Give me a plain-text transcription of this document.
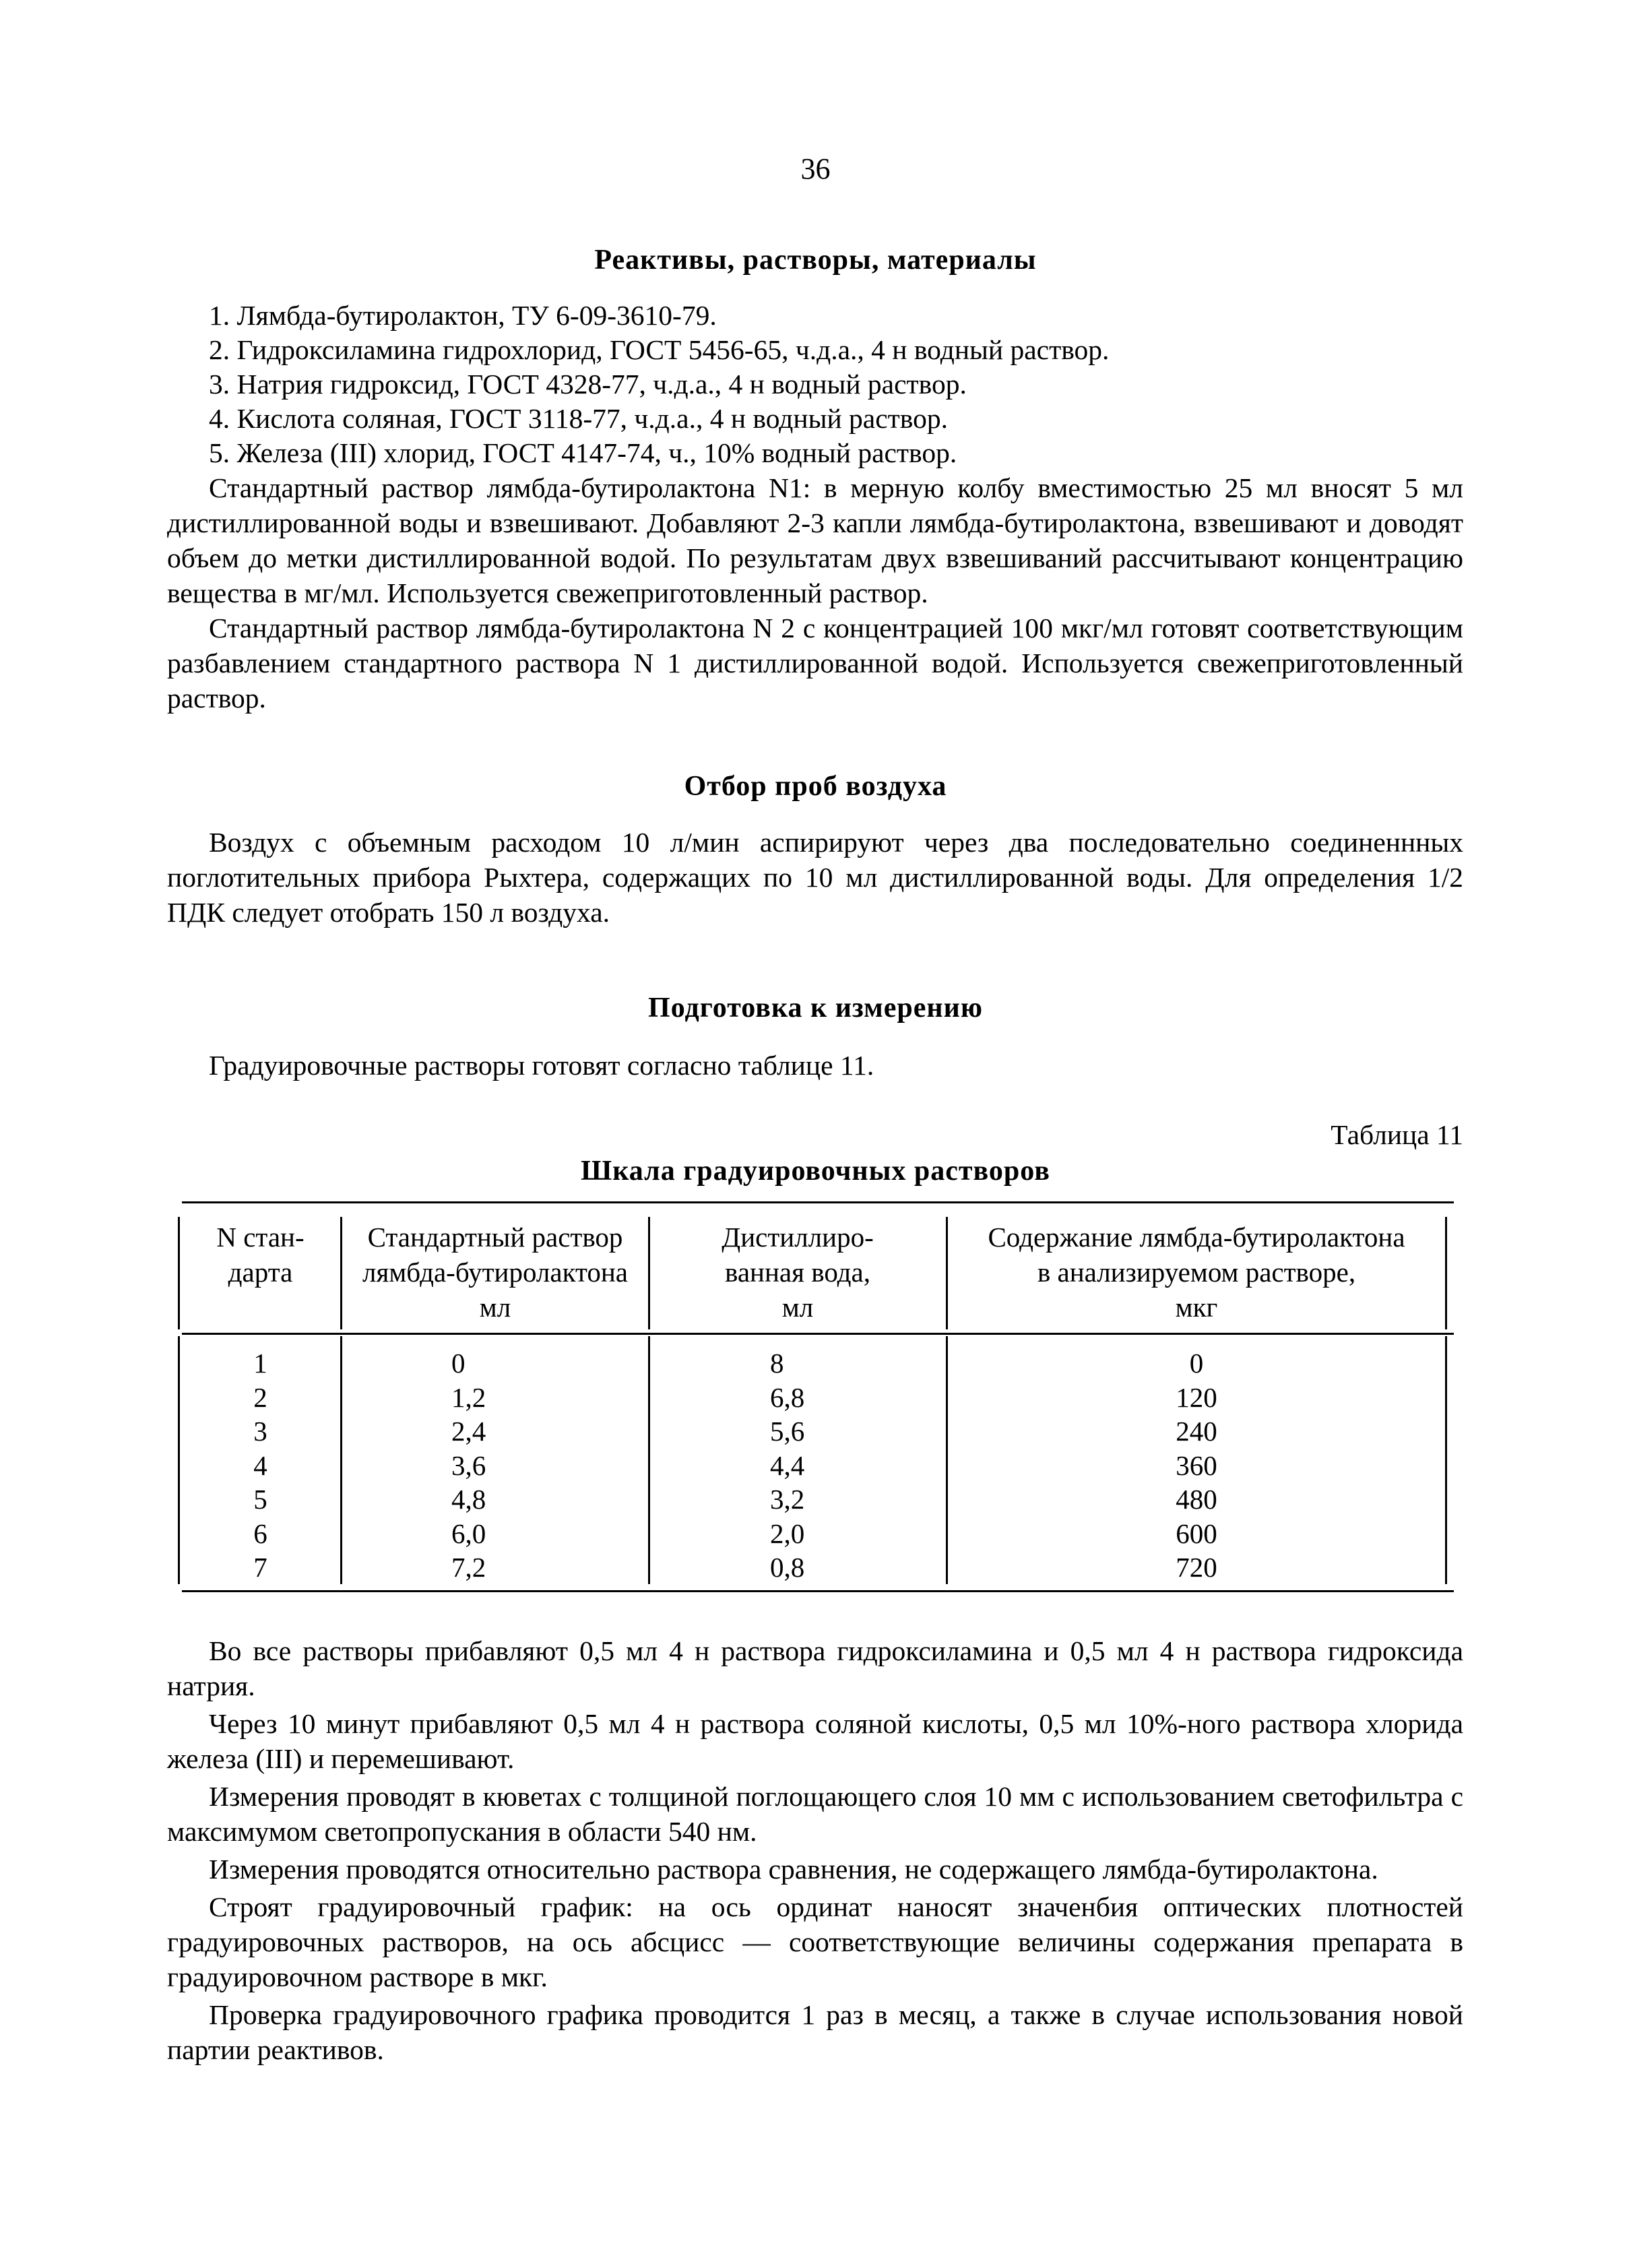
36
Реактивы, растворы, материалы
1. Лямбда-бутиролактон, ТУ 6-09-3610-79.
2. Гидроксиламина гидрохлорид, ГОСТ 5456-65, ч.д.а., 4 н водный раствор.
3. Натрия гидроксид, ГОСТ 4328-77, ч.д.а., 4 н водный раствор.
4. Кислота соляная, ГОСТ 3118-77, ч.д.а., 4 н водный раствор.
5. Железа (III) хлорид, ГОСТ 4147-74, ч., 10% водный раствор.

Стандартный раствор лямбда-бутиролактона N1: в мерную колбу вместимостью 25 мл вносят 5 мл дистиллированной воды и взвешивают. Добавляют 2-3 капли лямбда-бутиролактона, взвешивают и доводят объем до метки дистиллированной водой. По результатам двух взвешиваний рассчитывают концентрацию вещества в мг/мл. Используется свежеприготовленный раствор.

Стандартный раствор лямбда-бутиролактона N 2 с концентрацией 100 мкг/мл готовят соответствующим разбавлением стандартного раствора N 1 дистиллированной водой. Используется свежеприготовленный раствор.

Отбор проб воздуха

Воздух с объемным расходом 10 л/мин аспирируют через два последовательно соединеннных поглотительных прибора Рыхтера, содержащих по 10 мл дистиллированной воды. Для определения 1/2 ПДК следует отобрать 150 л воздуха.

Подготовка к измерению

Градуировочные растворы готовят согласно таблице 11.

Таблица 11
Шкала градуировочных растворов
N стан-
дарта
Стандартный раствор
лямбда-бутиролактона
мл
Дистиллиро-
ванная вода,
мл
Содержание лямбда-бутиролактона
в анализируемом растворе,
мкг
1
2
3
4
5
6
7
0
1,2
2,4
3,6
4,8
6,0
7,2
8
6,8
5,6
4,4
3,2
2,0
0,8
0
120
240
360
480
600
720

Во все растворы прибавляют 0,5 мл 4 н раствора гидроксиламина и 0,5 мл 4 н раствора гидроксида натрия.

Через 10 минут прибавляют 0,5 мл 4 н раствора соляной кислоты, 0,5 мл 10%-ного раствора хлорида железа (III) и перемешивают.

Измерения проводят в кюветах с толщиной поглощающего слоя 10 мм с использованием светофильтра с максимумом светопропускания в области 540 нм.

Измерения проводятся относительно раствора сравнения, не содержащего лямбда-бутиролактона.

Строят градуировочный график: на ось ординат наносят значенбия оптических плотностей градуировочных растворов, на ось абсцисс — соответствующие величины содержания препарата в градуировочном растворе в мкг.

Проверка градуировочного графика проводится 1 раз в месяц, а также в случае использования новой партии реактивов.
